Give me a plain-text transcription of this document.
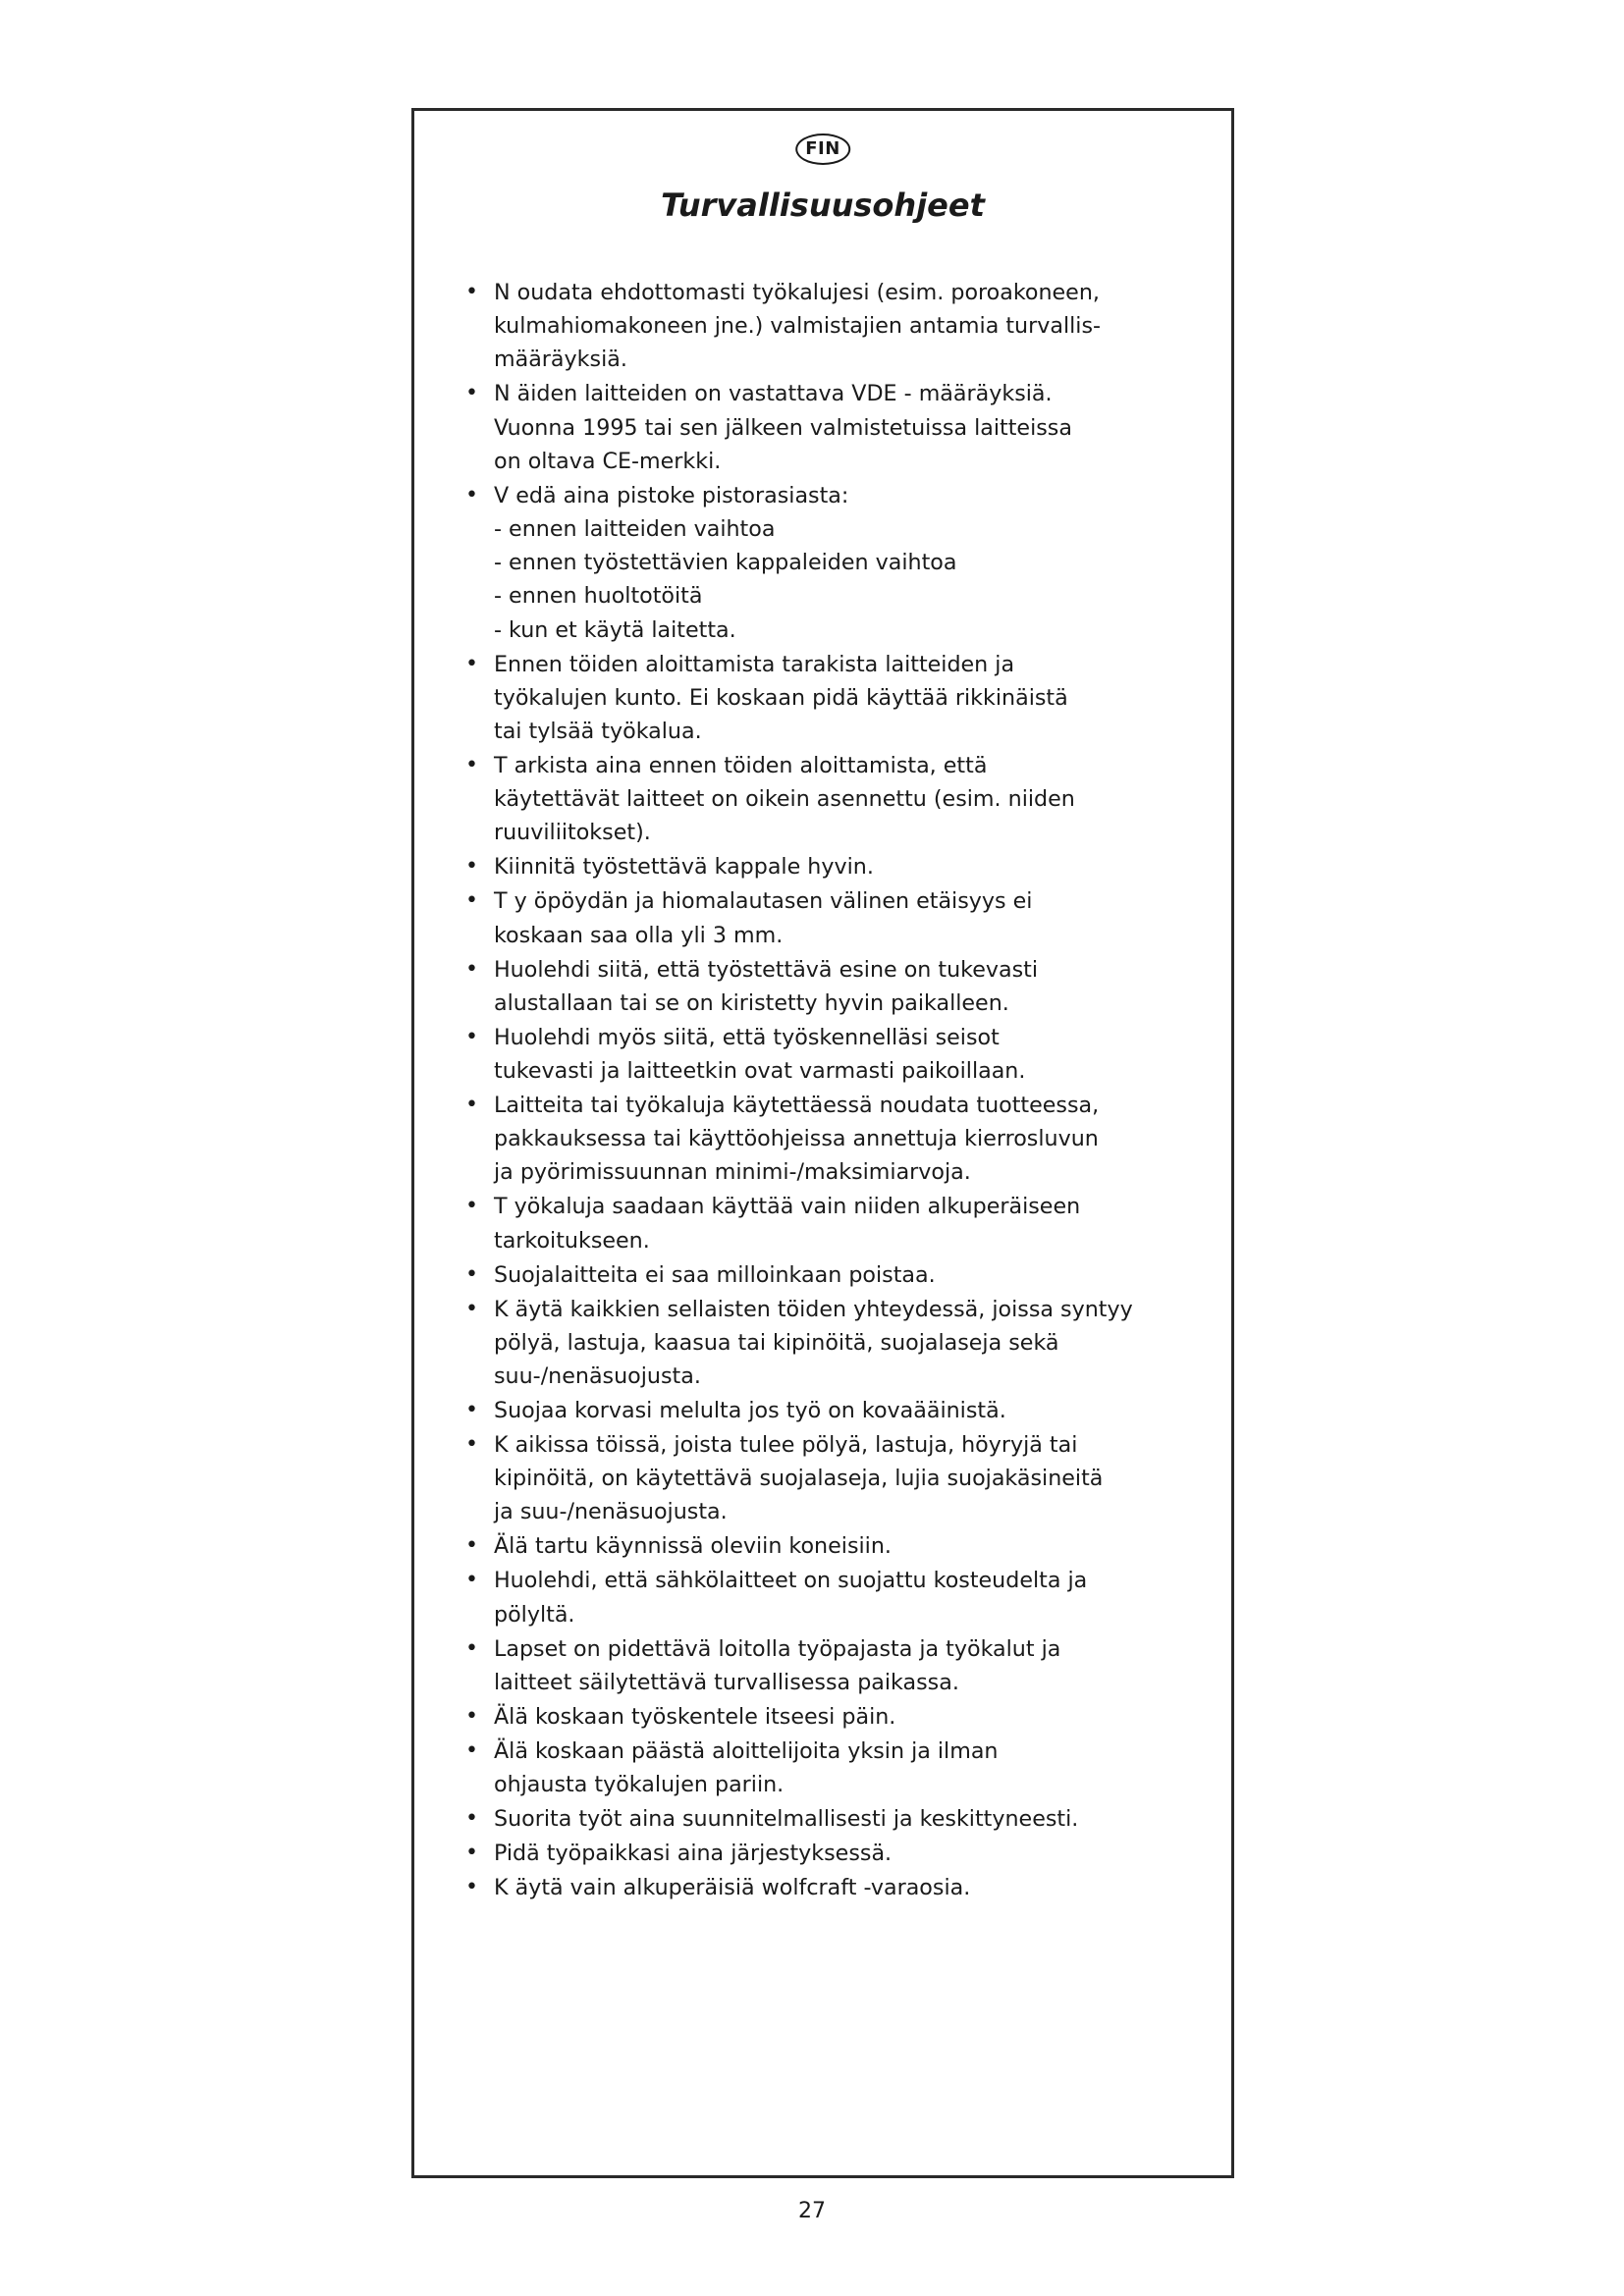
FIN
Turvallisuusohjeet
• N oudata ehdottomasti työkalujesi (esim. poroakoneen,
kulmahiomakoneen jne.) valmistajien antamia turvallis-
määräyksiä.
• N äiden laitteiden on vastattava VDE - määräyksiä.
Vuonna 1995 tai sen jälkeen valmistetuissa laitteissa
on oltava CE-merkki.
• V edä aina pistoke pistorasiasta:
- ennen laitteiden vaihtoa
- ennen työstettävien kappaleiden vaihtoa
- ennen huoltotöitä
- kun et käytä laitetta.
• Ennen töiden aloittamista tarakista laitteiden ja
työkalujen kunto. Ei koskaan pidä käyttää rikkinäistä
tai tylsää työkalua.
• T arkista aina ennen töiden aloittamista, että
käytettävät laitteet on oikein asennettu (esim. niiden
ruuviliitokset).
• Kiinnitä työstettävä kappale hyvin.
• T y öpöydän ja hiomalautasen välinen etäisyys ei
koskaan saa olla yli 3 mm.
• Huolehdi siitä, että työstettävä esine on tukevasti
alustallaan tai se on kiristetty hyvin paikalleen.
• Huolehdi myös siitä, että työskennelläsi seisot
tukevasti ja laitteetkin ovat varmasti paikoillaan.
• Laitteita tai työkaluja käytettäessä noudata tuotteessa,
pakkauksessa tai käyttöohjeissa annettuja kierrosluvun
ja pyörimissuunnan minimi-/maksimiarvoja.
• T yökaluja saadaan käyttää vain niiden alkuperäiseen
tarkoitukseen.
• Suojalaitteita ei saa milloinkaan poistaa.
• K äytä kaikkien sellaisten töiden yhteydessä, joissa syntyy
pölyä, lastuja, kaasua tai kipinöitä, suojalaseja sekä
suu-/nenäsuojusta.
• Suojaa korvasi melulta jos työ on kovaääinistä.
• K aikissa töissä, joista tulee pölyä, lastuja, höyryjä tai
kipinöitä, on käytettävä suojalaseja, lujia suojakäsineitä
ja suu-/nenäsuojusta.
• Älä tartu käynnissä oleviin koneisiin.
• Huolehdi, että sähkölaitteet on suojattu kosteudelta ja
pölyltä.
• Lapset on pidettävä loitolla työpajasta ja työkalut ja
laitteet säilytettävä turvallisessa paikassa.
• Älä koskaan työskentele itseesi päin.
• Älä koskaan päästä aloittelijoita yksin ja ilman
ohjausta työkalujen pariin.
• Suorita työt aina suunnitelmallisesti ja keskittyneesti.
• Pidä työpaikkasi aina järjestyksessä.
• K äytä vain alkuperäisiä wolfcraft -varaosia.
27
